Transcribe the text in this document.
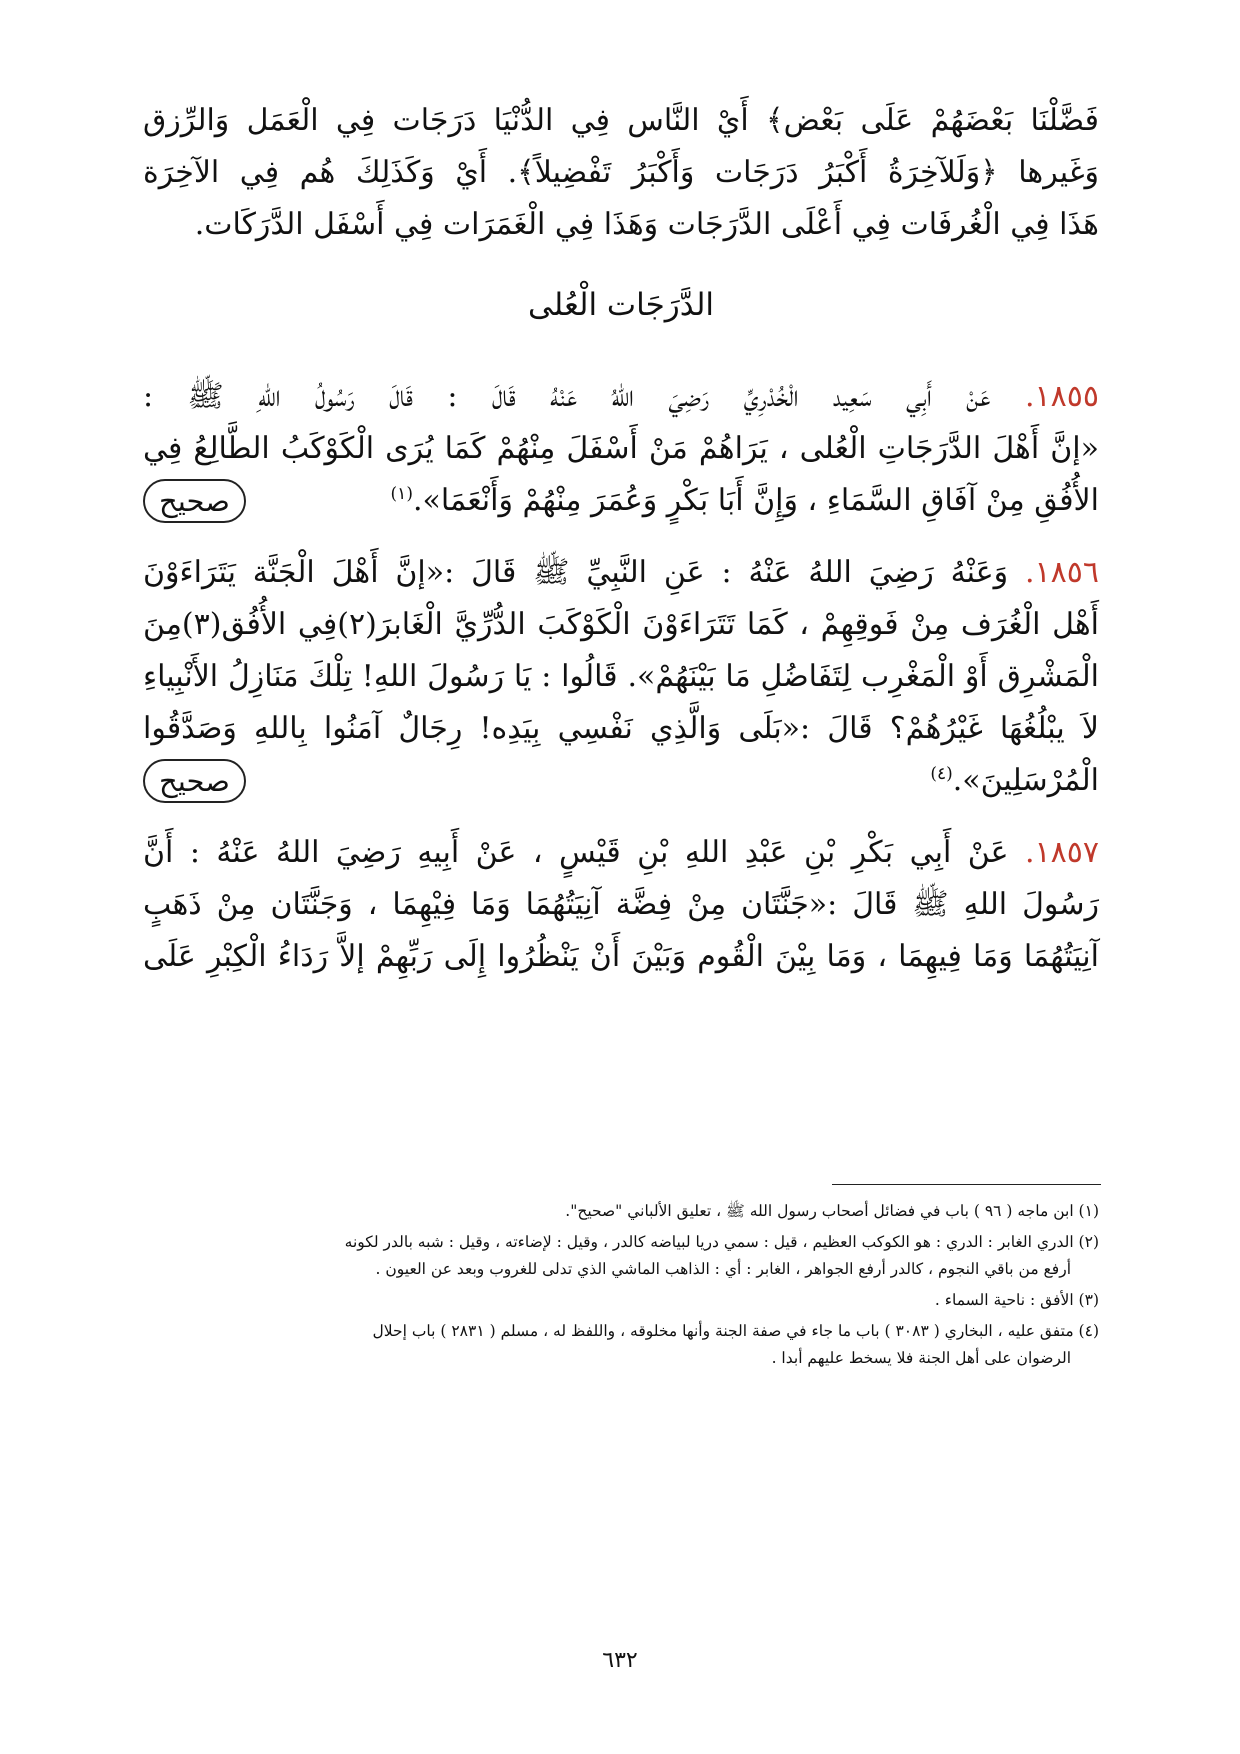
فَضَّلْنَا بَعْضَهُمْ عَلَى بَعْض﴾ أَيْ النَّاس فِي الدُّنْيَا دَرَجَات فِي الْعَمَل وَالرِّزق
وَغَيرها ﴿وَلَلآخِرَةُ أَكْبَرُ دَرَجَات وَأَكْبَرُ تَفْضِيلاً﴾. أَيْ وَكَذَلِكَ هُم فِي الآخِرَة
هَذَا فِي الْغُرفَات فِي أَعْلَى الدَّرَجَات وَهَذَا فِي الْغَمَرَات فِي أَسْفَل الدَّرَكَات.

الدَّرَجَات الْعُلى

١٨٥٥. عَنْ أَبِي سَعِيد الْخُدْرِيِّ رَضِيَ اللهُ عَنْهُ قَالَ : قَالَ رَسُولُ اللهِ ﷺ :
«إنَّ أَهْلَ الدَّرَجَاتِ الْعُلى ، يَرَاهُمْ مَنْ أَسْفَلَ مِنْهُمْ كَمَا يُرَى الْكَوْكَبُ الطَّالِعُ فِي
الأُفُقِ مِنْ آفَاقِ السَّمَاءِ ، وَإِنَّ أَبَا بَكْرٍ وَعُمَرَ مِنْهُمْ وَأَنْعَمَا».$^{(١)}$
صحيح

١٨٥٦. وَعَنْهُ رَضِيَ اللهُ عَنْهُ : عَنِ النَّبِيِّ ﷺ قَالَ :«إنَّ أَهْلَ الْجَنَّة يَتَرَاءَوْنَ
أَهْل الْغُرَف مِنْ فَوقِهِمْ ، كَمَا تَتَرَاءَوْنَ الْكَوْكَبَ الدُّرِّيَّ الْغَابرَ(٢)فِي الأُفُق(٣)مِنَ
الْمَشْرِق أَوْ الْمَغْرِب لِتَفَاضُلِ مَا بَيْنَهُمْ». قَالُوا : يَا رَسُولَ اللهِ! تِلْكَ مَنَازِلُ الأَنْبِياءِ
لاَ يبْلُغُهَا غَيْرُهُمْ؟ قَالَ :«بَلَى وَالَّذِي نَفْسِي بِيَدِه! رِجَالٌ آمَنُوا بِاللهِ وَصَدَّقُوا
الْمُرْسَلِينَ».$^{(٤)}$
صحيح

١٨٥٧. عَنْ أَبِي بَكْرِ بْنِ عَبْدِ اللهِ بْنِ قَيْسٍ ، عَنْ أَبِيهِ رَضِيَ اللهُ عَنْهُ : أَنَّ
رَسُولَ اللهِ ﷺ قَالَ :«جَنَّتَان مِنْ فِضَّة آنِيَتُهُمَا وَمَا فِيْهِمَا ، وَجَنَّتَان مِنْ ذَهَبٍ
آنِيَتُهُمَا وَمَا فِيهِمَا ، وَمَا بِيْنَ الْقُوم وَبَيْنَ أَنْ يَنْظُرُوا إِلَى رَبِّهِمْ إلاَّ رَدَاءُ الْكِبْرِ عَلَى

(١) ابن ماجه ( ٩٦ ) باب في فضائل أصحاب رسول الله ﷺ ، تعليق الألباني "صحيح".

(٢) الدري الغابر : الدري : هو الكوكب العظيم ، قيل : سمي دريا لبياضه كالدر ، وقيل : لإضاءته ، وقيل : شبه بالدر لكونه
أرفع من باقي النجوم ، كالدر أرفع الجواهر ، الغابر : أي : الذاهب الماشي الذي تدلى للغروب وبعد عن العيون .

(٣) الأفق : ناحية السماء .

(٤) متفق عليه ، البخاري ( ٣٠٨٣ ) باب ما جاء في صفة الجنة وأنها مخلوقه ، واللفظ له ، مسلم ( ٢٨٣١ ) باب إحلال
الرضوان على أهل الجنة فلا يسخط عليهم أبدا .

٦٣٢
